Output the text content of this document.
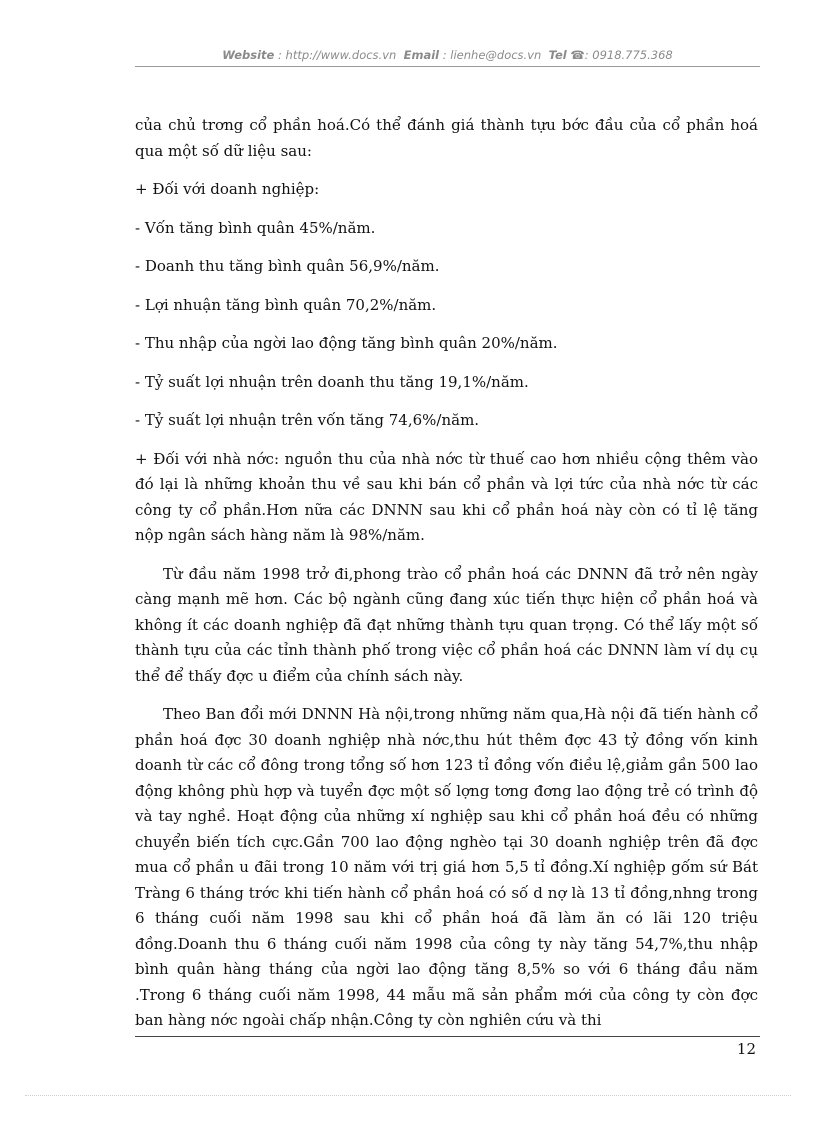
Website : http://www.docs.vn Email : lienhe@docs.vn Tel ☎: 0918.775.368

của chủ trơng cổ phần hoá.Có thể đánh giá thành tựu bớc đầu của cổ phần hoá qua một số dữ liệu sau:

+ Đối với doanh nghiệp:

- Vốn tăng bình quân 45%/năm.

- Doanh thu tăng bình quân 56,9%/năm.

- Lợi nhuận tăng bình quân 70,2%/năm.

- Thu nhập của ngời lao động tăng bình quân 20%/năm.

- Tỷ suất lợi nhuận trên doanh thu tăng 19,1%/năm.

- Tỷ suất lợi nhuận trên vốn tăng 74,6%/năm.

+ Đối với nhà nớc: nguồn thu của nhà nớc từ thuế cao hơn nhiều cộng thêm vào đó lại là những khoản thu về sau khi bán cổ phần và lợi tức của nhà nớc từ các công ty cổ phần.Hơn nữa các DNNN sau khi cổ phần hoá này còn có tỉ lệ tăng nộp ngân sách hàng năm là 98%/năm.

Từ đầu năm 1998 trở đi,phong trào cổ phần hoá các DNNN đã trở nên ngày càng mạnh mẽ hơn. Các bộ ngành cũng đang xúc tiến thực hiện cổ phần hoá và không ít các doanh nghiệp đã đạt những thành tựu quan trọng. Có thể lấy một số thành tựu của các tỉnh thành phố trong việc cổ phần hoá các DNNN làm ví dụ cụ thể để thấy đợc u điểm của chính sách này.

Theo Ban đổi mới DNNN Hà nội,trong những năm qua,Hà nội đã tiến hành cổ phần hoá đợc 30 doanh nghiệp nhà nớc,thu hút thêm đợc 43 tỷ đồng vốn kinh doanh từ các cổ đông trong tổng số hơn 123 tỉ đồng vốn điều lệ,giảm gần 500 lao động không phù hợp và tuyển đợc một số lợng tơng đơng lao động trẻ có trình độ và tay nghề. Hoạt động của những xí nghiệp sau khi cổ phần hoá đều có những chuyển biến tích cực.Gần 700 lao động nghèo tại 30 doanh nghiệp trên đã đợc mua cổ phần u đãi trong 10 năm với trị giá hơn 5,5 tỉ đồng.Xí nghiệp gốm sứ Bát Tràng 6 tháng trớc khi tiến hành cổ phần hoá có số d nợ là 13 tỉ đồng,nhng trong 6 tháng cuối năm 1998 sau khi cổ phần hoá đã làm ăn có lãi 120 triệu đồng.Doanh thu 6 tháng cuối năm 1998 của công ty này tăng 54,7%,thu nhập bình quân hàng tháng của ngời lao động tăng 8,5% so với 6 tháng đầu năm .Trong 6 tháng cuối năm 1998, 44 mẫu mã sản phẩm mới của công ty còn đợc ban hàng nớc ngoài chấp nhận.Công ty còn nghiên cứu và thi

12
